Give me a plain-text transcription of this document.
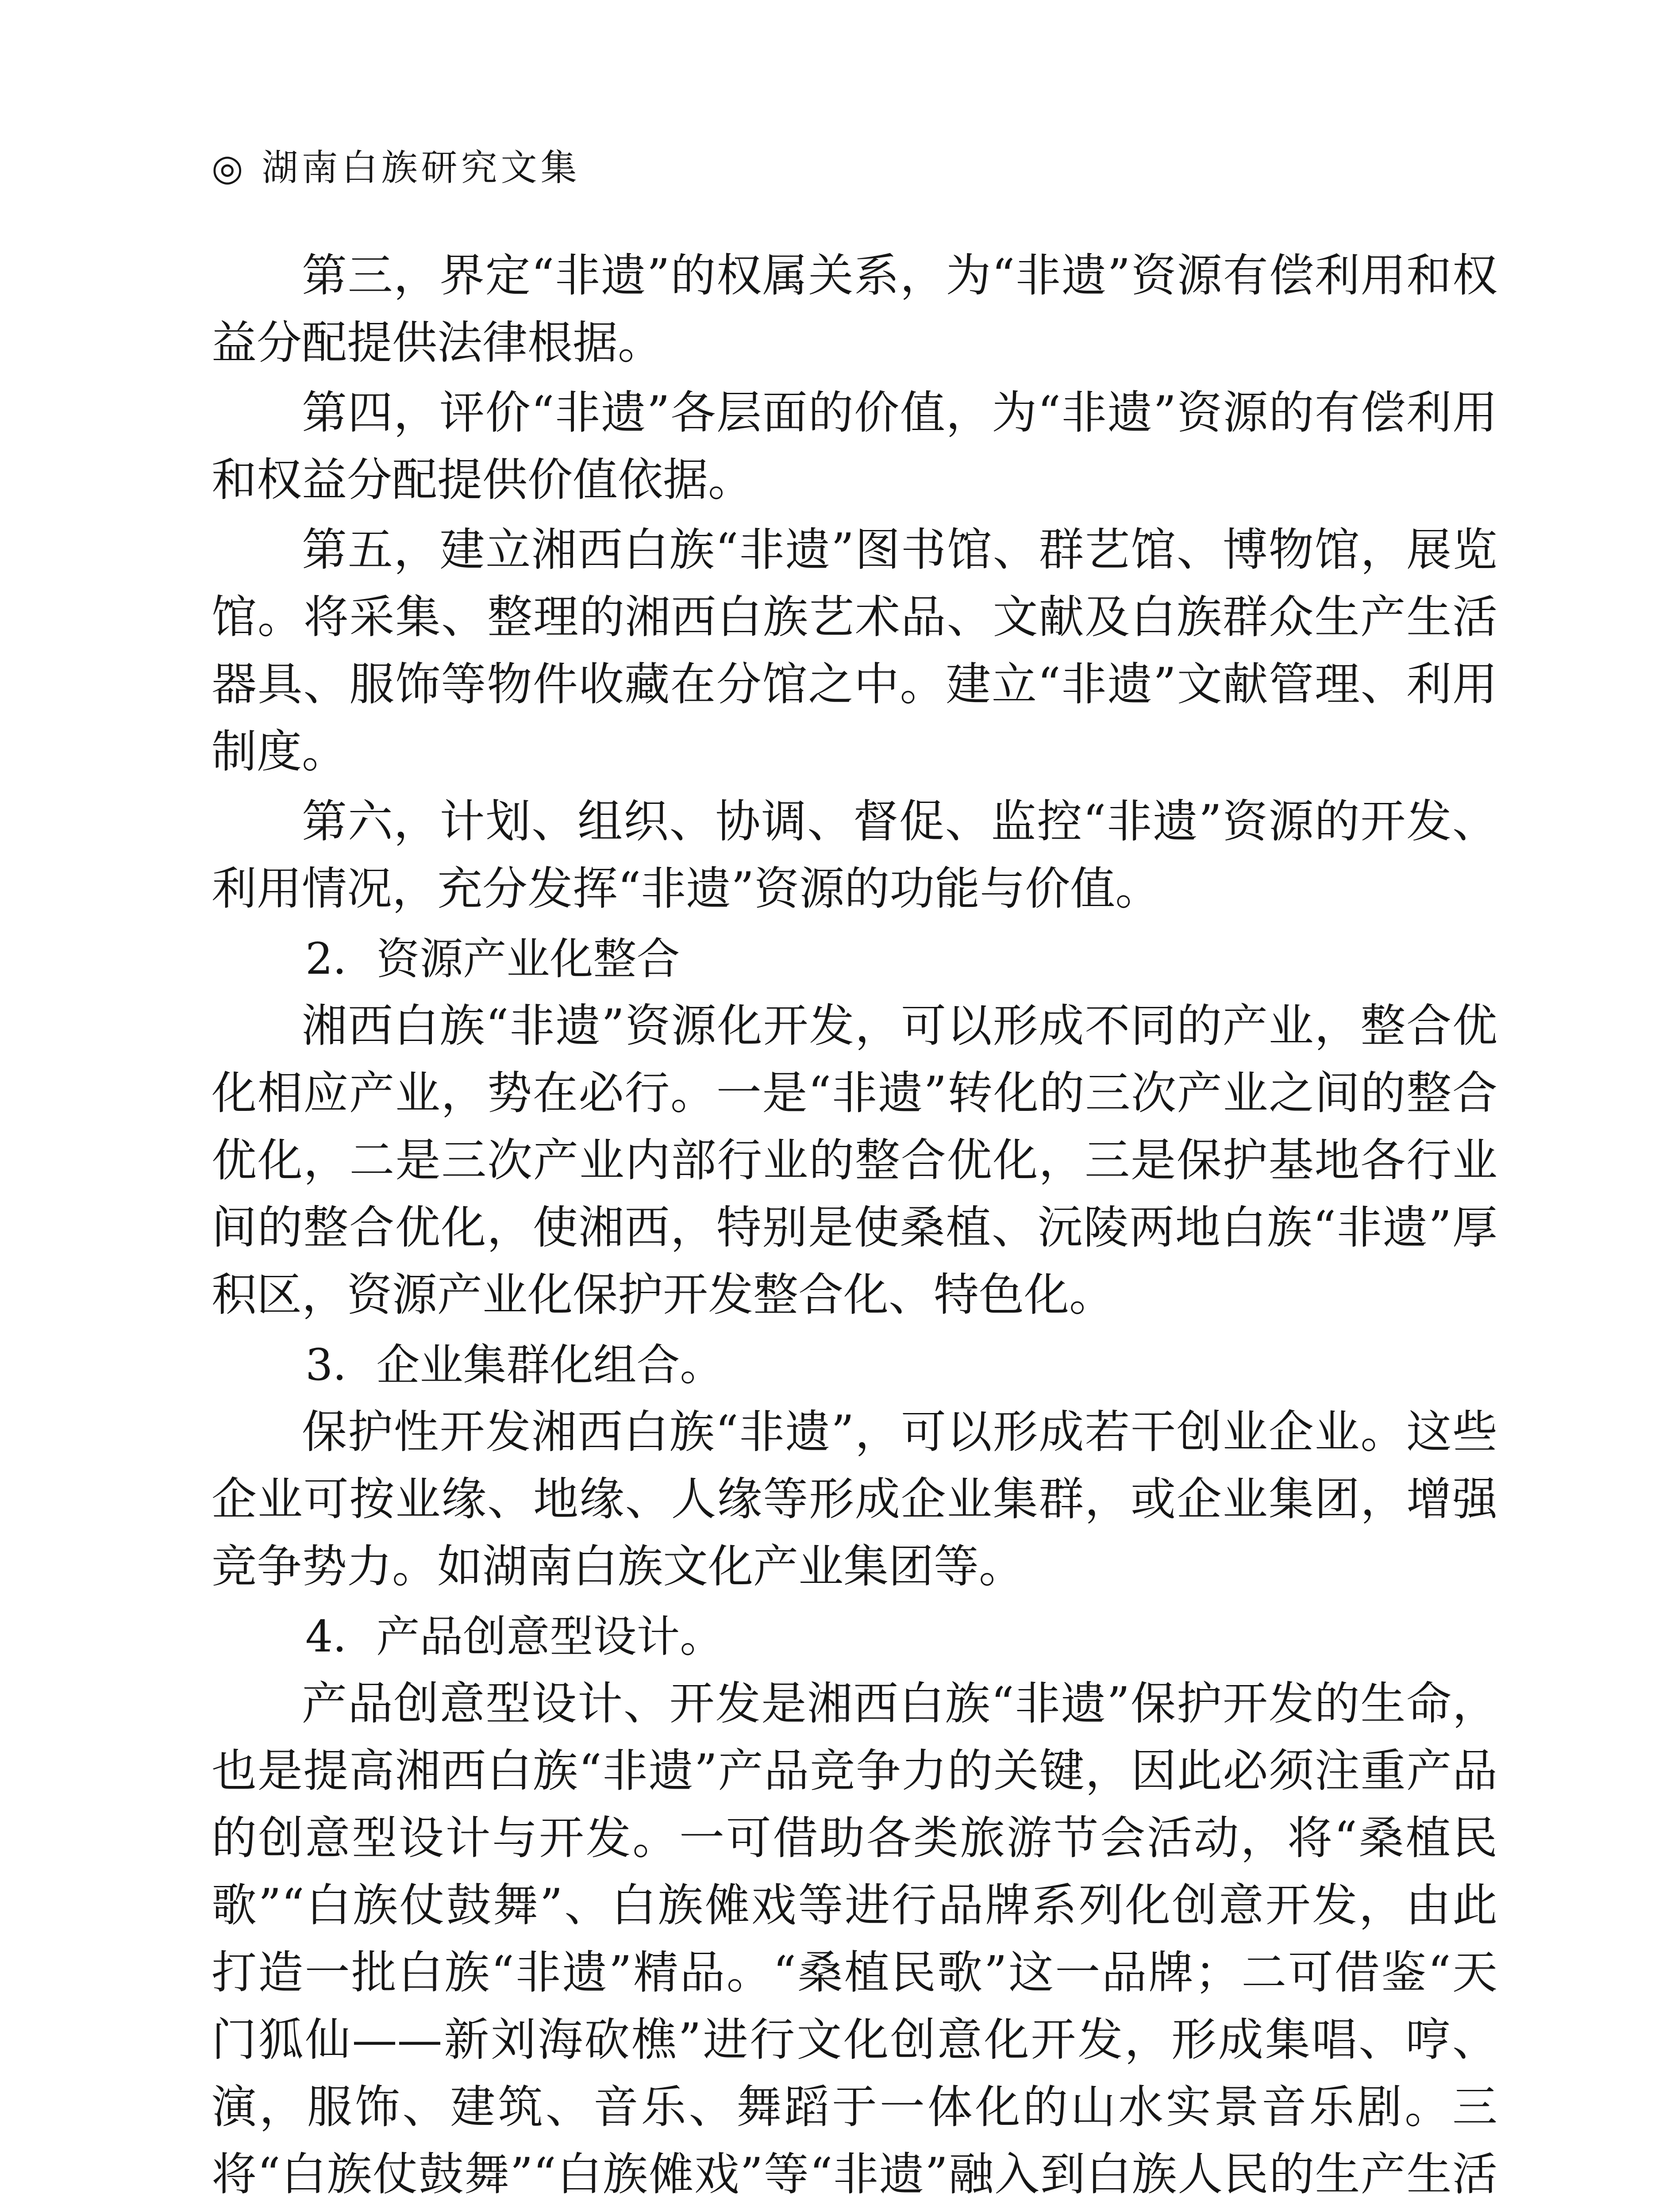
◎ 湖南白族研究文集

第三，界定“非遗”的权属关系，为“非遗”资源有偿利用和权益分配提供法律根据。

第四，评价“非遗”各层面的价值，为“非遗”资源的有偿利用和权益分配提供价值依据。

第五，建立湘西白族“非遗”图书馆、群艺馆、博物馆，展览馆。将采集、整理的湘西白族艺术品、文献及白族群众生产生活器具、服饰等物件收藏在分馆之中。建立“非遗”文献管理、利用制度。

第六，计划、组织、协调、督促、监控“非遗”资源的开发、利用情况，充分发挥“非遗”资源的功能与价值。

2．资源产业化整合

湘西白族“非遗”资源化开发，可以形成不同的产业，整合优化相应产业，势在必行。一是“非遗”转化的三次产业之间的整合优化，二是三次产业内部行业的整合优化，三是保护基地各行业间的整合优化，使湘西，特别是使桑植、沅陵两地白族“非遗”厚积区，资源产业化保护开发整合化、特色化。

3．企业集群化组合。

保护性开发湘西白族“非遗”，可以形成若干创业企业。这些企业可按业缘、地缘、人缘等形成企业集群，或企业集团，增强竞争势力。如湖南白族文化产业集团等。

4．产品创意型设计。

产品创意型设计、开发是湘西白族“非遗”保护开发的生命，也是提高湘西白族“非遗”产品竞争力的关键，因此必须注重产品的创意型设计与开发。一可借助各类旅游节会活动，将“桑植民歌”“白族仗鼓舞”、白族傩戏等进行品牌系列化创意开发，由此打造一批白族“非遗”精品。“桑植民歌”这一品牌；二可借鉴“天门狐仙——新刘海砍樵”进行文化创意化开发，形成集唱、哼、演，服饰、建筑、音乐、舞蹈于一体化的山水实景音乐剧。三将“白族仗鼓舞”“白族傩戏”等“非遗”融入到白族人民的生产生活
